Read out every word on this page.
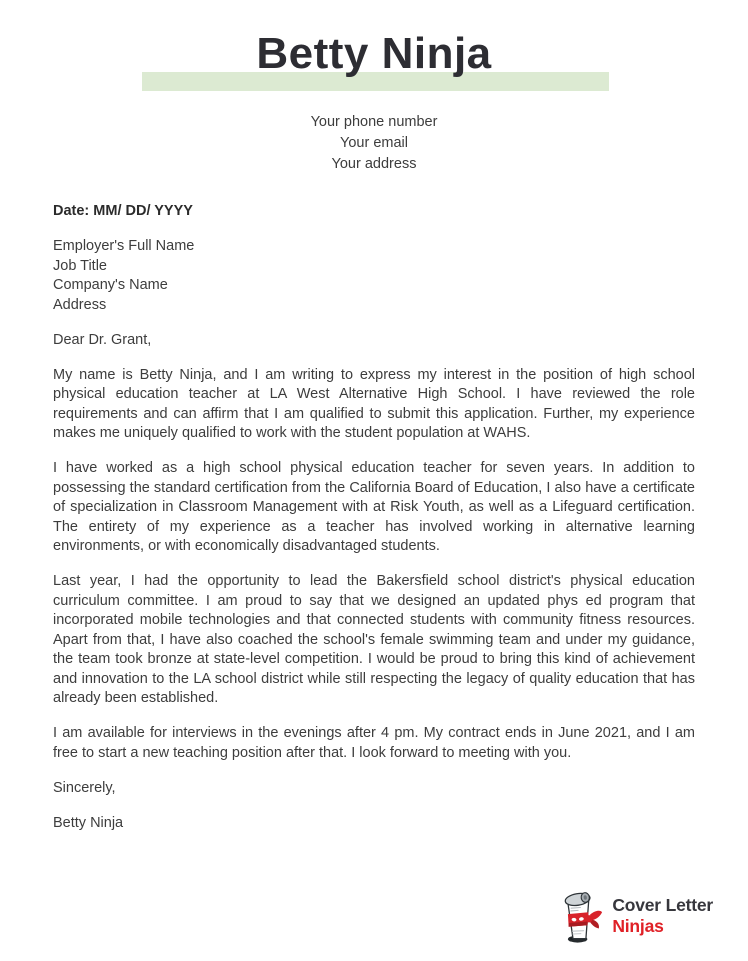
Betty Ninja
Your phone number
Your email
Your address

Date: MM/ DD/ YYYY

Employer's Full Name
Job Title
Company's Name
Address

Dear Dr. Grant,

My name is Betty Ninja, and I am writing to express my interest in the position of high school physical education teacher at LA West Alternative High School. I have reviewed the role requirements and can affirm that I am qualified to submit this application. Further, my experience makes me uniquely qualified to work with the student population at WAHS.

I have worked as a high school physical education teacher for seven years. In addition to possessing the standard certification from the California Board of Education, I also have a certificate of specialization in Classroom Management with at Risk Youth, as well as a Lifeguard certification. The entirety of my experience as a teacher has involved working in alternative learning environments, or with economically disadvantaged students.

Last year, I had the opportunity to lead the Bakersfield school district's physical education curriculum committee. I am proud to say that we designed an updated phys ed program that incorporated mobile technologies and that connected students with community fitness resources. Apart from that, I have also coached the school's female swimming team and under my guidance, the team took bronze at state-level competition. I would be proud to bring this kind of achievement and innovation to the LA school district while still respecting the legacy of quality education that has already been established.

I am available for interviews in the evenings after 4 pm. My contract ends in June 2021, and I am free to start a new teaching position after that. I look forward to meeting with you.

Sincerely,

Betty Ninja

Cover Letter
Ninjas
